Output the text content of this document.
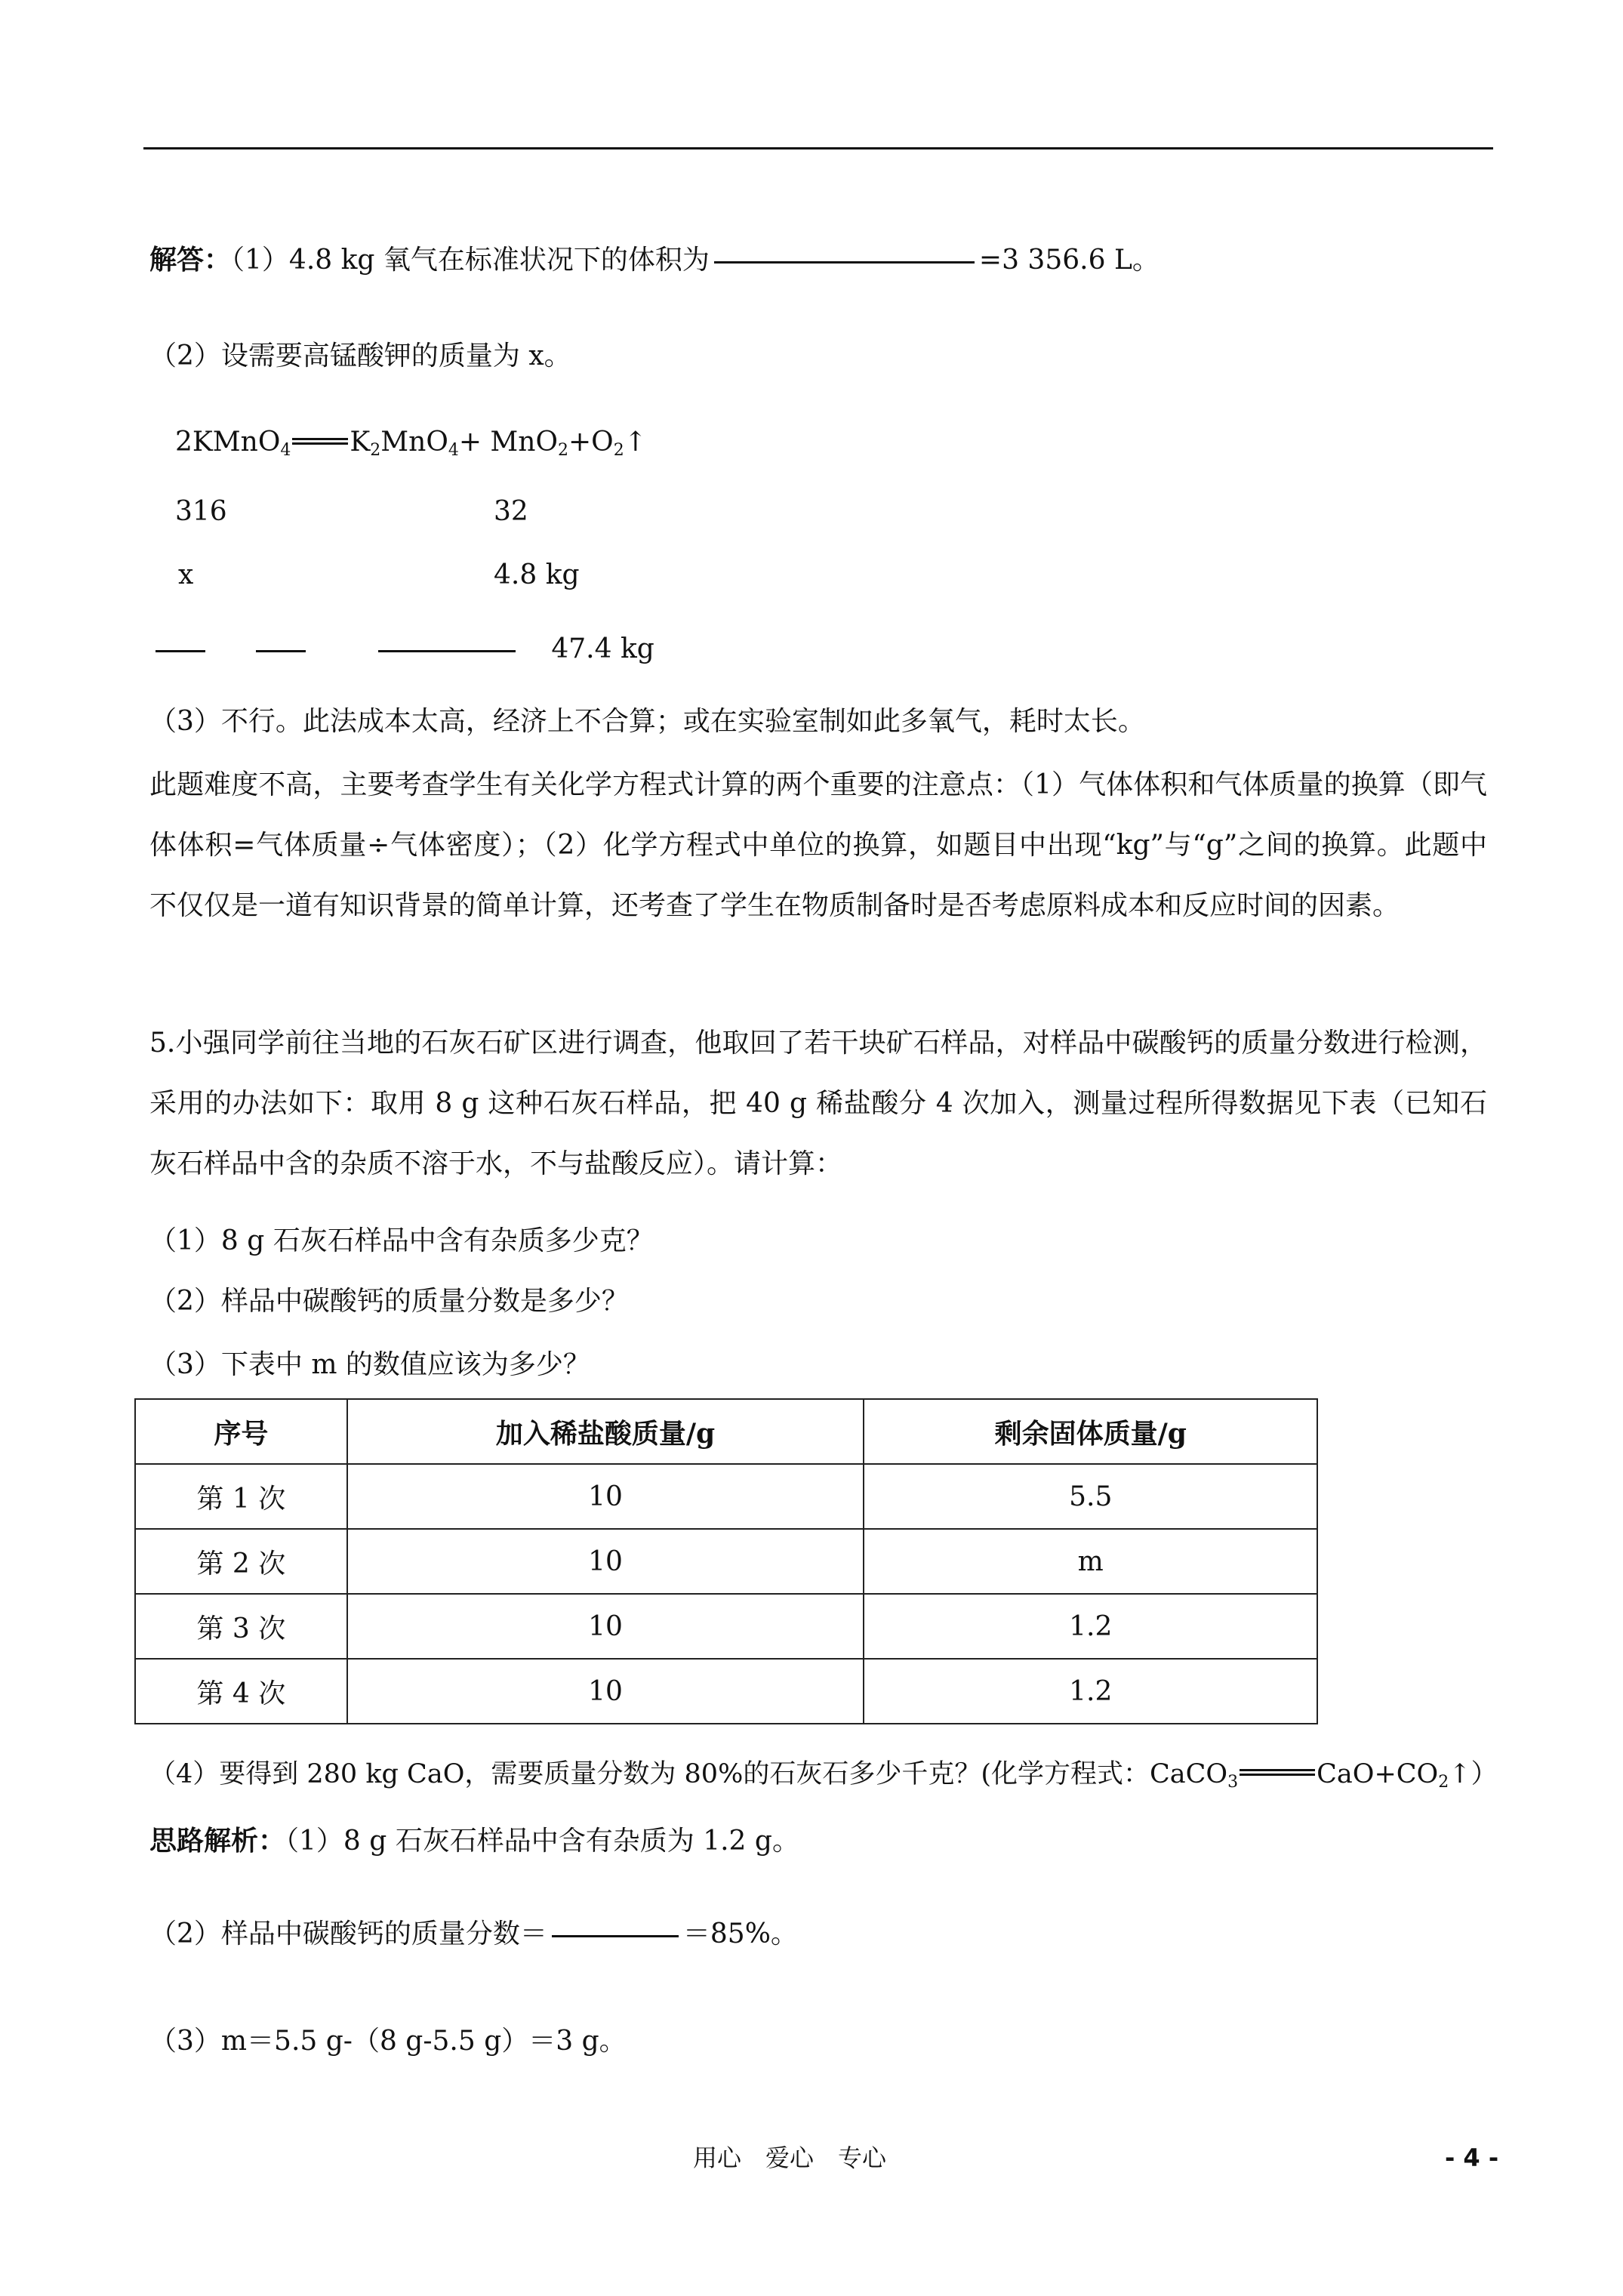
解答：（1）4.8 kg 氧气在标准状况下的体积为	=3 356.6 L。
（2）设需要高锰酸钾的质量为 x。
2KMnO$_4$ $K_2MnO_4+$ $MnO_2+O_2↑$
316	32
x	4.8 kg
47.4 kg
（3）不行。此法成本太高，经济上不合算；或在实验室制如此多氧气，耗时太长。
此题难度不高，主要考查学生有关化学方程式计算的两个重要的注意点：（1）气体体积和气体质量的换算（即气体体积=气体质量÷气体密度）；（2）化学方程式中单位的换算，如题目中出现“kg”与“g”之间的换算。此题中不仅仅是一道有知识背景的简单计算，还考查了学生在物质制备时是否考虑原料成本和反应时间的因素。
5.小强同学前往当地的石灰石矿区进行调查，他取回了若干块矿石样品，对样品中碳酸钙的质量分数进行检测，采用的办法如下：取用 8 g 这种石灰石样品，把 40 g 稀盐酸分 4 次加入，测量过程所得数据见下表（已知石灰石样品中含的杂质不溶于水，不与盐酸反应）。请计算：
（1）8 g 石灰石样品中含有杂质多少克？
（2）样品中碳酸钙的质量分数是多少？
（3）下表中 m 的数值应该为多少？
序号	加入稀盐酸质量/g	剩余固体质量/g
第 1 次	10	5.5
第 2 次	10	m
第 3 次	10	1.2
第 4 次	10	1.2
（4）要得到 280 kg CaO，需要质量分数为 80%的石灰石多少千克？(化学方程式：CaCO$_3$	$CaO+CO_2↑$）
思路解析：（1）8 g 石灰石样品中含有杂质为 1.2 g。
（2）样品中碳酸钙的质量分数＝	＝85%。
（3）m＝5.5 g-（8 g-5.5 g）＝3 g。
用心　爱心　专心	- 4 -
